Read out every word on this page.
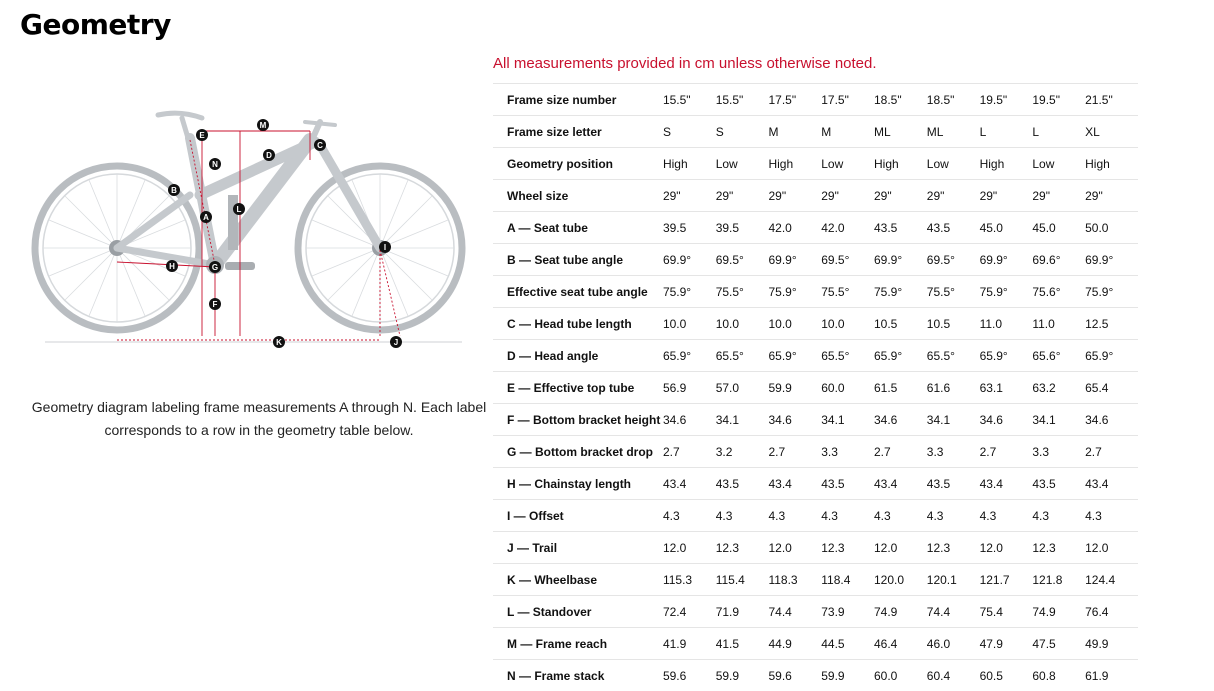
Geometry
A
B
C
D
E
F
G
H
I
J
K
L
M
N
Geometry diagram labeling frame measurements A through N. Each label corresponds to a row in the geometry table below.
All measurements provided in cm unless otherwise noted.
Frame size number	15.5"	15.5"	17.5"	17.5"	18.5"	18.5"	19.5"	19.5"	21.5"
Frame size letter	S	S	M	M	ML	ML	L	L	XL
Geometry position	High	Low	High	Low	High	Low	High	Low	High
Wheel size	29"	29"	29"	29"	29"	29"	29"	29"	29"
A — Seat tube	39.5	39.5	42.0	42.0	43.5	43.5	45.0	45.0	50.0
B — Seat tube angle	69.9°	69.5°	69.9°	69.5°	69.9°	69.5°	69.9°	69.6°	69.9°
Effective seat tube angle	75.9°	75.5°	75.9°	75.5°	75.9°	75.5°	75.9°	75.6°	75.9°
C — Head tube length	10.0	10.0	10.0	10.0	10.5	10.5	11.0	11.0	12.5
D — Head angle	65.9°	65.5°	65.9°	65.5°	65.9°	65.5°	65.9°	65.6°	65.9°
E — Effective top tube	56.9	57.0	59.9	60.0	61.5	61.6	63.1	63.2	65.4
F — Bottom bracket height	34.6	34.1	34.6	34.1	34.6	34.1	34.6	34.1	34.6
G — Bottom bracket drop	2.7	3.2	2.7	3.3	2.7	3.3	2.7	3.3	2.7
H — Chainstay length	43.4	43.5	43.4	43.5	43.4	43.5	43.4	43.5	43.4
I — Offset	4.3	4.3	4.3	4.3	4.3	4.3	4.3	4.3	4.3
J — Trail	12.0	12.3	12.0	12.3	12.0	12.3	12.0	12.3	12.0
K — Wheelbase	115.3	115.4	118.3	118.4	120.0	120.1	121.7	121.8	124.4
L — Standover	72.4	71.9	74.4	73.9	74.9	74.4	75.4	74.9	76.4
M — Frame reach	41.9	41.5	44.9	44.5	46.4	46.0	47.9	47.5	49.9
N — Frame stack	59.6	59.9	59.6	59.9	60.0	60.4	60.5	60.8	61.9
